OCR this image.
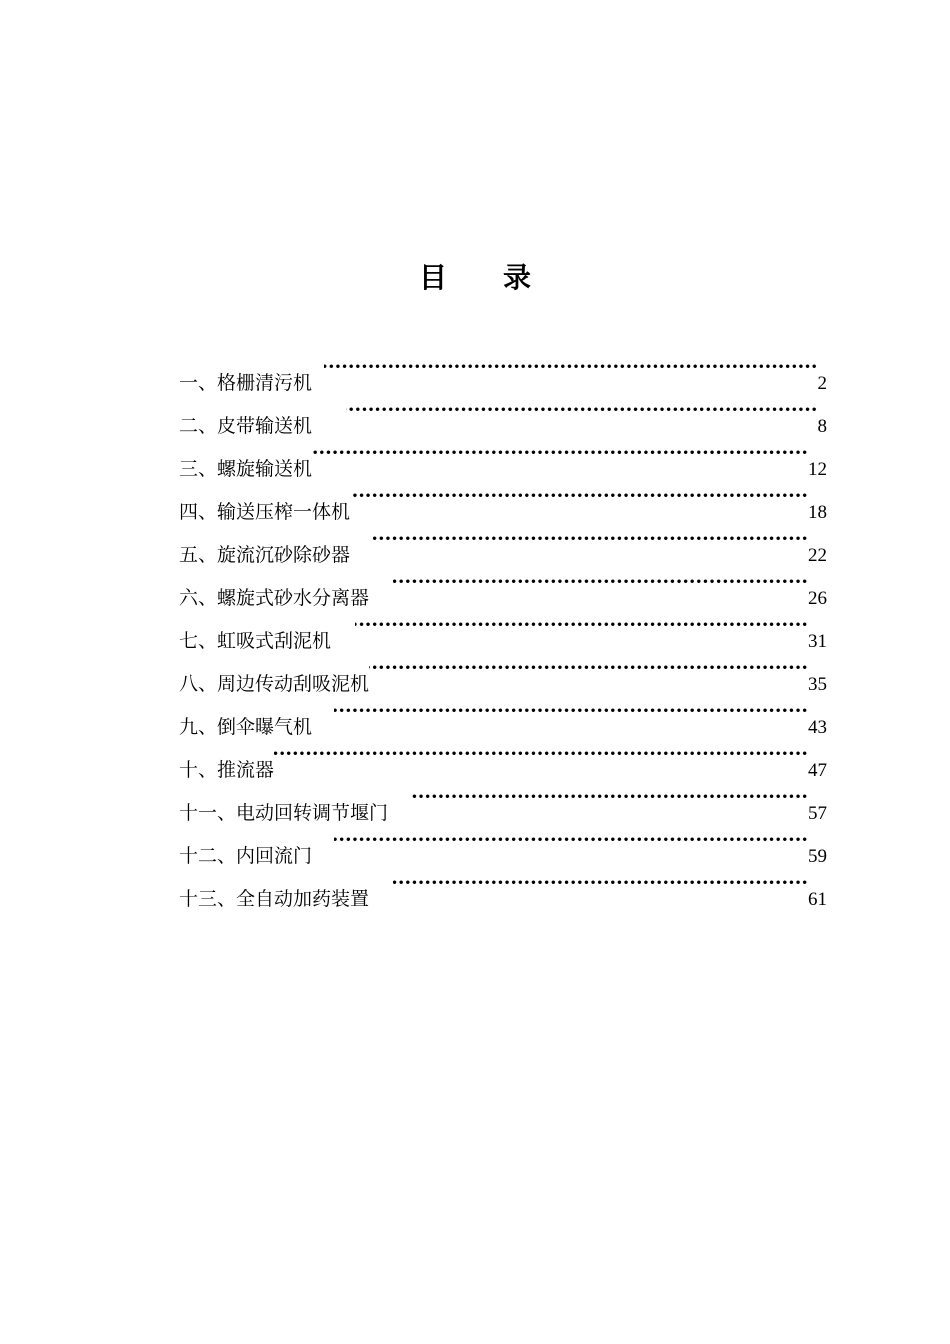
目 录
一、格栅清污机 ·····	2
二、皮带输送机 ·····	8
三、螺旋输送机 ·····	12
四、输送压榨一体机 ·····	18
五、旋流沉砂除砂器 ·····	22
六、螺旋式砂水分离器 ·····	26
七、虹吸式刮泥机 ·····	31
八、周边传动刮吸泥机 ·····	35
九、倒伞曝气机 ·····	43
十、推流器 ·····	47
十一、电动回转调节堰门 ·····	57
十二、内回流门 ·····	59
十三、全自动加药装置 ·····	61
